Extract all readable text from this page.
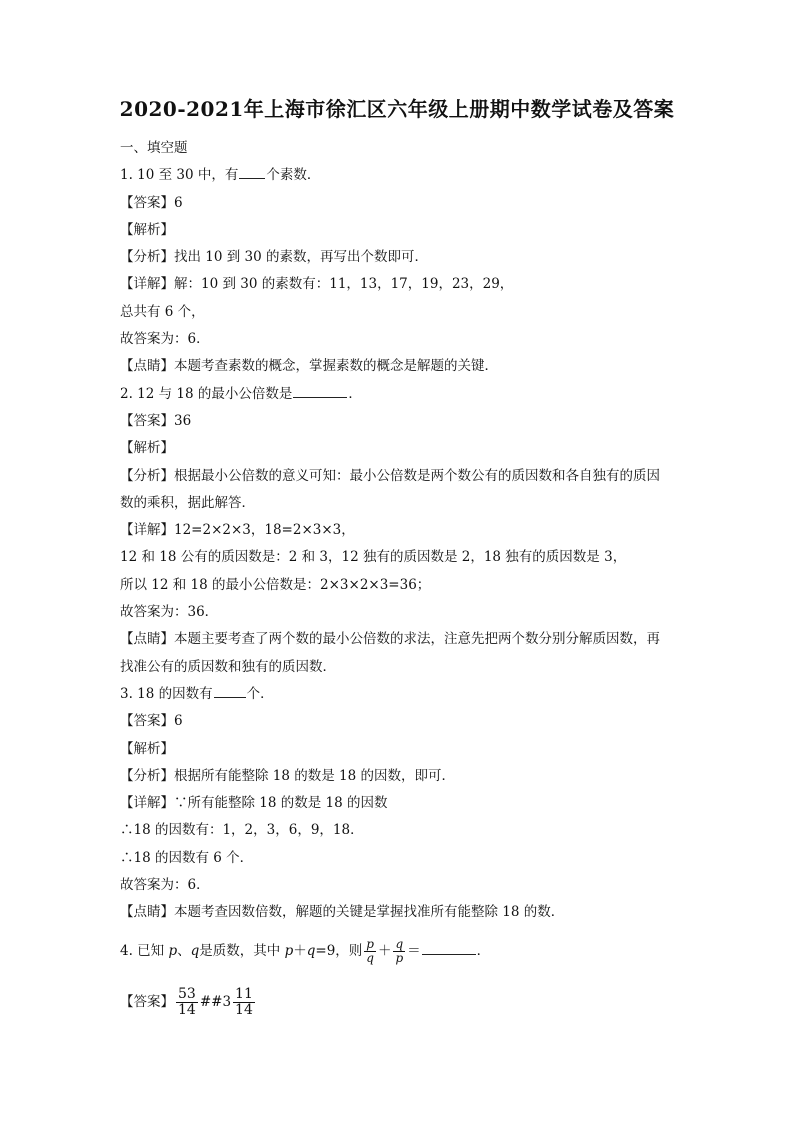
2020-2021年上海市徐汇区六年级上册期中数学试卷及答案
一、填空题
1. 10 至 30 中，有 个素数．
【答案】6
【解析】
【分析】找出 10 到 30 的素数，再写出个数即可．
【详解】解：10 到 30 的素数有：11，13，17，19，23，29，
总共有 6 个，
故答案为：6．
【点睛】本题考查素数的概念，掌握素数的概念是解题的关键．
2. 12 与 18 的最小公倍数是	．
【答案】36
【解析】
【分析】根据最小公倍数的意义可知：最小公倍数是两个数公有的质因数和各自独有的质因
数的乘积，据此解答．
【详解】12=2×2×3，18=2×3×3，
12 和 18 公有的质因数是：2 和 3，12 独有的质因数是 2，18 独有的质因数是 3，
所以 12 和 18 的最小公倍数是：2×3×2×3=36；
故答案为：36．
【点睛】本题主要考查了两个数的最小公倍数的求法，注意先把两个数分别分解质因数，再
找准公有的质因数和独有的质因数．
3. 18 的因数有	个．
【答案】6
【解析】
【分析】根据所有能整除 18 的数是 18 的因数，即可．
【详解】∵所有能整除 18 的数是 18 的因数
∴18 的因数有：1，2，3，6，9，18．
∴18 的因数有 6 个．
故答案为：6．
【点睛】本题考查因数倍数，解题的关键是掌握找准所有能整除 18 的数．
4. 已知 p、q是质数，其中 p＋q=9，则 $\frac{p}{q} + \frac{q}{p}$ ＝	．
【答案】 $\frac{53}{14}$ ##3 $\frac{11}{14}$
